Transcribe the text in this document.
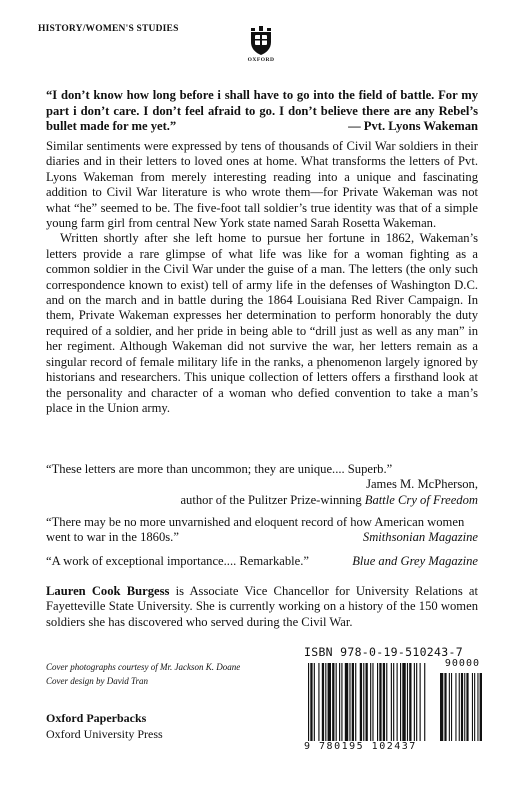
HISTORY/WOMEN'S STUDIES
OXFORD
“I don’t know how long before i shall have to go into the field of battle. For my part i don’t care. I don’t feel afraid to go. I don’t believe there are any Rebel’s bullet made for me yet.”	— Pvt. Lyons Wakeman

Similar sentiments were expressed by tens of thousands of Civil War soldiers in their diaries and in their letters to loved ones at home. What transforms the letters of Pvt. Lyons Wakeman from merely interesting reading into a unique and fascinating addition to Civil War literature is who wrote them—for Private Wakeman was not what “he” seemed to be. The five-foot tall soldier’s true identity was that of a simple young farm girl from central New York state named Sarah Rosetta Wakeman.

Written shortly after she left home to pursue her fortune in 1862, Wakeman’s letters provide a rare glimpse of what life was like for a woman fighting as a common soldier in the Civil War under the guise of a man. The letters (the only such correspondence known to exist) tell of army life in the defenses of Washington D.C. and on the march and in battle during the 1864 Louisiana Red River Campaign. In them, Private Wakeman expresses her determination to perform honorably the duty required of a soldier, and her pride in being able to “drill just as well as any man” in her regiment. Although Wakeman did not survive the war, her letters remain as a singular record of female military life in the ranks, a phenomenon largely ignored by historians and researchers. This unique collection of letters offers a firsthand look at the personality and character of a woman who defied convention to take a man’s place in the Union army.

“These letters are more than uncommon; they are unique.... Superb.”
James M. McPherson,
author of the Pulitzer Prize-winning Battle Cry of Freedom
“There may be no more unvarnished and eloquent record of how American women
went to war in the 1860s.”	Smithsonian Magazine
“A work of exceptional importance.... Remarkable.”	Blue and Grey Magazine
Lauren Cook Burgess is Associate Vice Chancellor for University Relations at Fayetteville State University. She is currently working on a history of the 150 women soldiers she has discovered who served during the Civil War.
Cover photographs courtesy of Mr. Jackson K. Doane
Cover design by David Tran
Oxford Paperbacks
Oxford University Press
ISBN 978-0-19-510243-7
90000
9 780195 102437
